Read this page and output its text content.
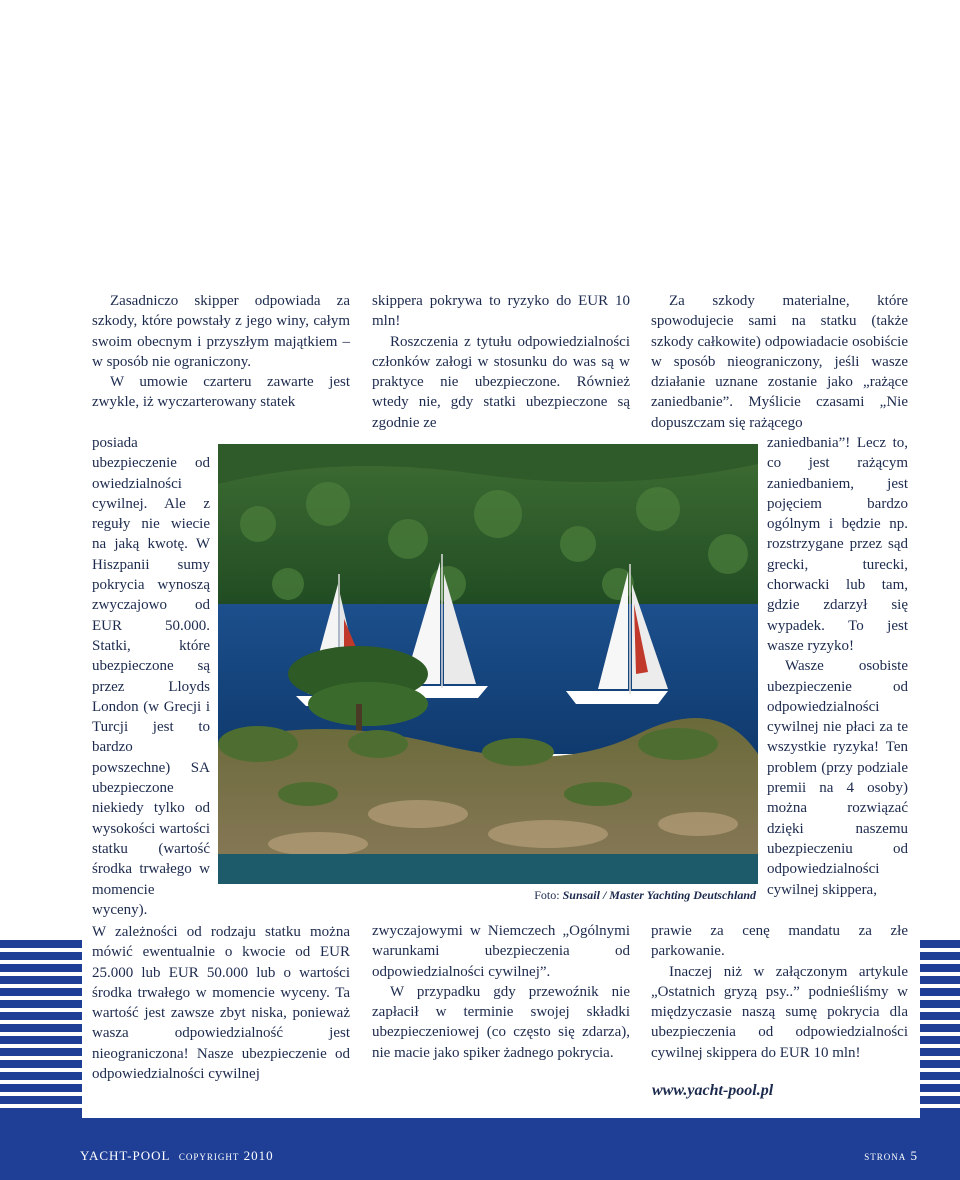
Zasadniczo skipper odpowiada za szkody, które powstały z jego winy, całym swoim obecnym i przyszłym majątkiem – w sposób nie ograniczony.

W umowie czarteru zawarte jest zwykle, iż wyczarterowany statek

posiada ubezpieczenie od owiedzialności cywilnej. Ale z reguły nie wiecie na jaką kwotę. W Hiszpanii sumy pokrycia wynoszą zwyczajowo od EUR 50.000. Statki, które ubezpieczone są przez Lloyds London (w Grecji i Turcji jest to bardzo powszechne) SA ubezpieczone niekiedy tylko od wysokości wartości statku (wartość środka trwałego w momencie wyceny).

W zależności od rodzaju statku można mówić ewentualnie o kwocie od EUR 25.000 lub EUR 50.000 lub o wartości środka trwałego w momencie wyceny. Ta wartość jest zawsze zbyt niska, ponieważ wasza odpowiedzialność jest nieograniczona! Nasze ubezpieczenie od odpowiedzialności cywilnej

skippera pokrywa to ryzyko do EUR 10 mln!

Roszczenia z tytułu odpowiedzialności członków załogi w stosunku do was są w praktyce nie ubezpieczone. Również wtedy nie, gdy statki ubezpieczone są zgodnie ze

zwyczajowymi w Niemczech „Ogólnymi warunkami ubezpieczenia od odpowiedzialności cywilnej”.

W przypadku gdy przewoźnik nie zapłacił w terminie swojej składki ubezpieczeniowej (co często się zdarza), nie macie jako spiker żadnego pokrycia.

Za szkody materialne, które spowodujecie sami na statku (także szkody całkowite) odpowiadacie osobiście w sposób nieograniczony, jeśli wasze działanie uznane zostanie jako „rażące zaniedbanie”. Myślicie czasami „Nie dopuszczam się rażącego

zaniedbania”! Lecz to, co jest rażącym zaniedbaniem, jest pojęciem bardzo ogólnym i będzie np. rozstrzygane przez sąd grecki, turecki, chorwacki lub tam, gdzie zdarzył się wypadek. To jest wasze ryzyko!

Wasze osobiste ubezpieczenie od odpowiedzialności cywilnej nie płaci za te wszystkie ryzyka! Ten problem (przy podziale premii na 4 osoby) można rozwiązać dzięki naszemu ubezpieczeniu od odpowiedzialności cywilnej skippera,

prawie za cenę mandatu za złe parkowanie.

Inaczej niż w załączonym artykule „Ostatnich gryzą psy..” podnieśliśmy w międzyczasie naszą sumę pokrycia dla ubezpieczenia od odpowiedzialności cywilnej skippera do EUR 10 mln!

Foto: Sunsail / Master Yachting Deutschland
www.yacht-pool.pl
YACHT-POOL copyright 2010	strona 5
